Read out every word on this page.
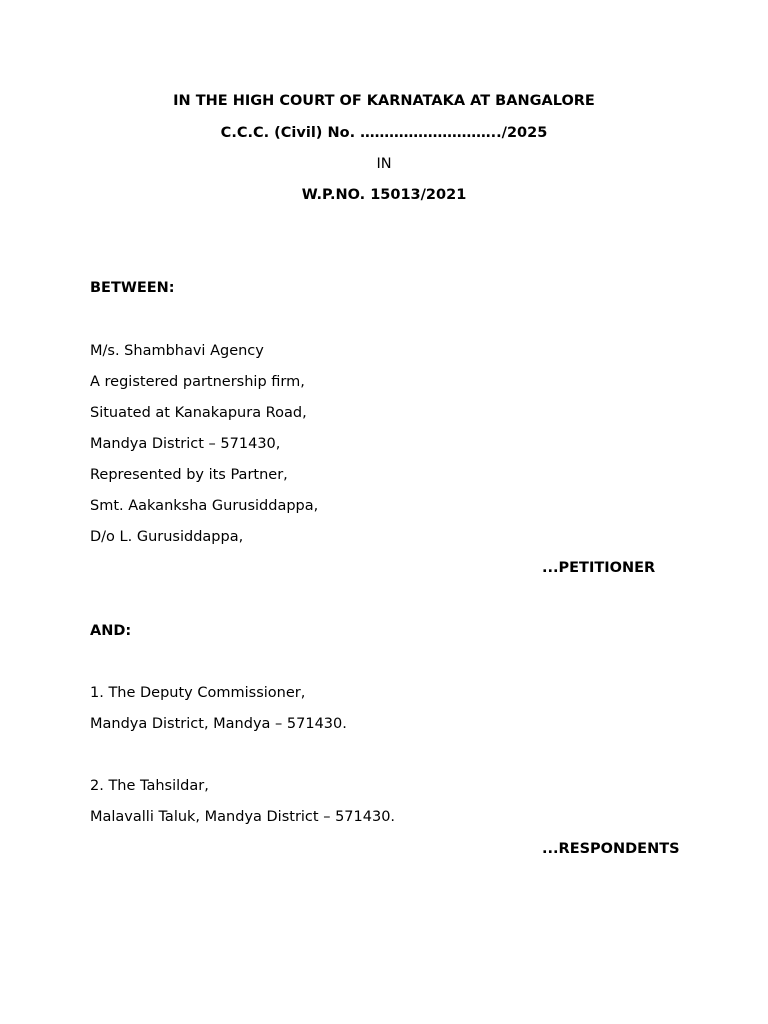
IN THE HIGH COURT OF KARNATAKA AT BANGALORE
C.C.C. (Civil) No. ………………………../2025
IN
W.P.NO. 15013/2021
BETWEEN:
M/s. Shambhavi Agency
A registered partnership firm,
Situated at Kanakapura Road,
Mandya District – 571430,
Represented by its Partner,
Smt. Aakanksha Gurusiddappa,
D/o L. Gurusiddappa,
...PETITIONER
AND:
1. The Deputy Commissioner,
Mandya District, Mandya – 571430.
2. The Tahsildar,
Malavalli Taluk, Mandya District – 571430.
...RESPONDENTS
